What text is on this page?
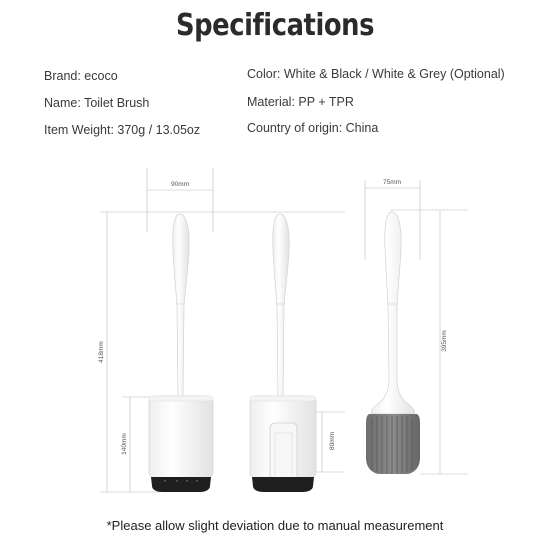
Specifications
Brand: ecoco
Name: Toilet Brush
Item Weight: 370g / 13.05oz
Color: White & Black / White & Grey (Optional)
Material: PP + TPR
Country of origin: China
90mm	75mm
418mm
140mm	80mm
395mm
*Please allow slight deviation due to manual measurement
